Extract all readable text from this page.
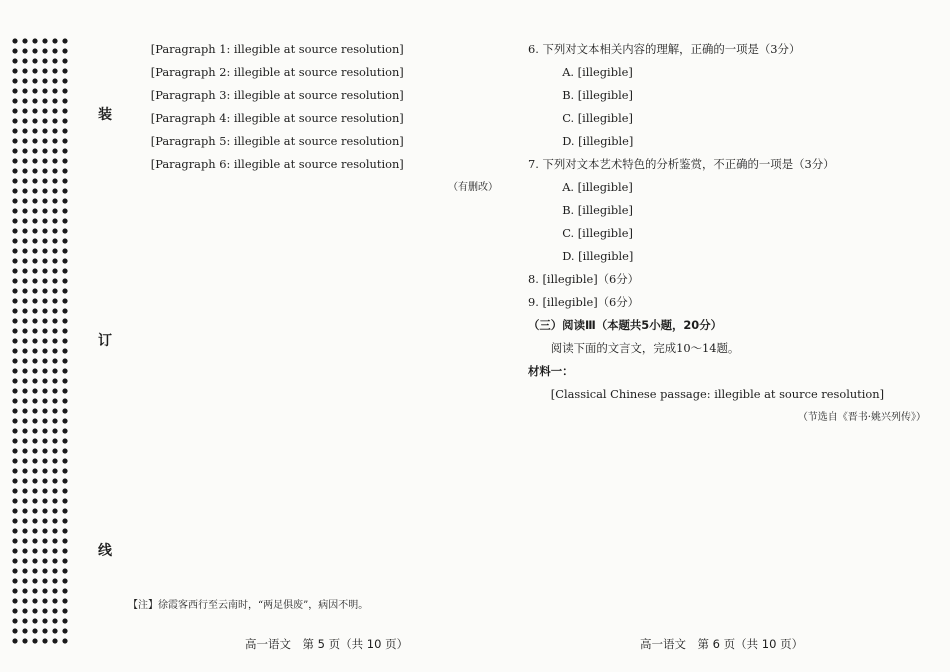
装
订
线

[Paragraph 1: illegible at source resolution]

[Paragraph 2: illegible at source resolution]

[Paragraph 3: illegible at source resolution]

[Paragraph 4: illegible at source resolution]

[Paragraph 5: illegible at source resolution]

[Paragraph 6: illegible at source resolution]

（有删改）

【注】徐霞客西行至云南时，“两足俱废”，病因不明。

6. 下列对文本相关内容的理解，正确的一项是（3分）

A. [illegible]

B. [illegible]

C. [illegible]

D. [illegible]

7. 下列对文本艺术特色的分析鉴赏，不正确的一项是（3分）

A. [illegible]

B. [illegible]

C. [illegible]

D. [illegible]

8. [illegible]（6分）

9. [illegible]（6分）

（三）阅读Ⅲ（本题共5小题，20分）

阅读下面的文言文，完成10～14题。

材料一：

[Classical Chinese passage: illegible at source resolution]

（节选自《晋书·姚兴列传》）

高一语文　第 5 页（共 10 页）	高一语文　第 6 页（共 10 页）
